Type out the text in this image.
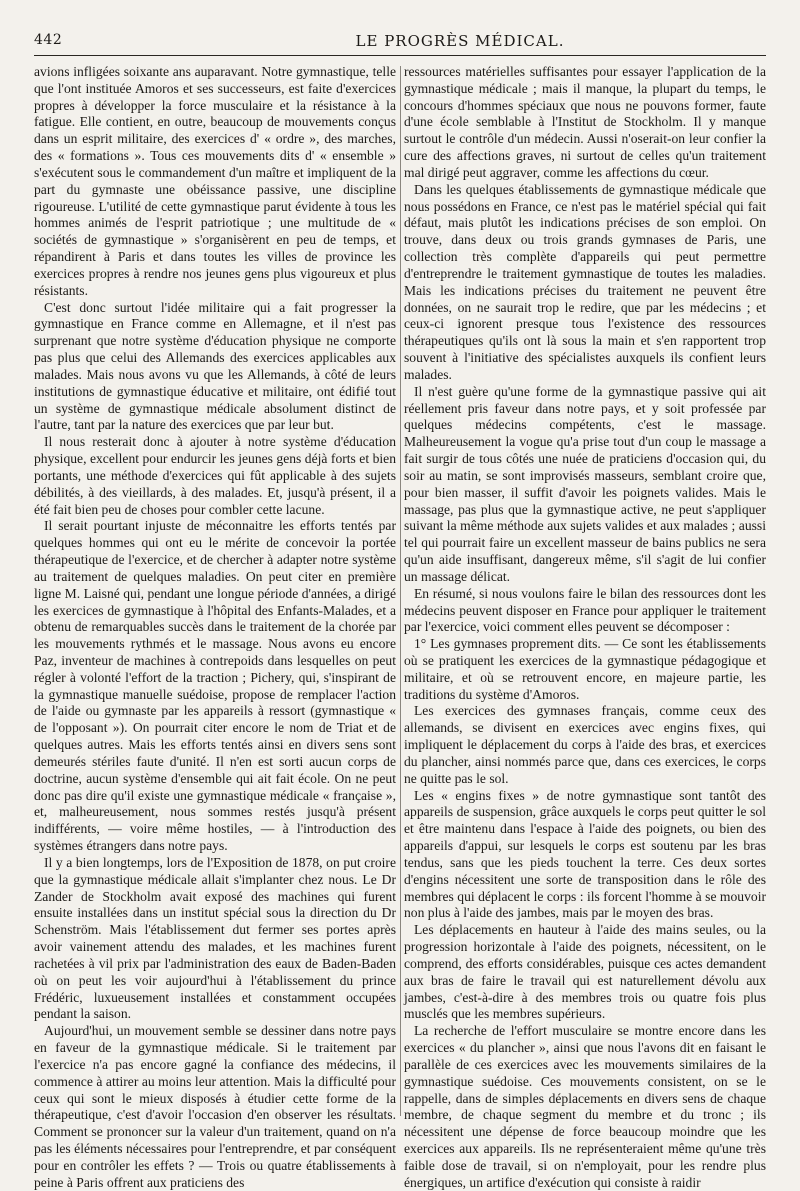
442	LE PROGRÈS MÉDICAL.

avions infligées soixante ans auparavant. Notre gymnastique, telle que l'ont instituée Amoros et ses successeurs, est faite d'exercices propres à développer la force musculaire et la résistance à la fatigue. Elle contient, en outre, beaucoup de mouvements conçus dans un esprit militaire, des exercices d' « ordre », des marches, des « formations ». Tous ces mouvements dits d' « ensemble » s'exécutent sous le commandement d'un maître et impliquent de la part du gymnaste une obéissance passive, une discipline rigoureuse. L'utilité de cette gymnastique parut évidente à tous les hommes animés de l'esprit patriotique ; une multitude de « sociétés de gymnastique » s'organisèrent en peu de temps, et répandirent à Paris et dans toutes les villes de province les exercices propres à rendre nos jeunes gens plus vigoureux et plus résistants.

C'est donc surtout l'idée militaire qui a fait progresser la gymnastique en France comme en Allemagne, et il n'est pas surprenant que notre système d'éducation physique ne comporte pas plus que celui des Allemands des exercices applicables aux malades. Mais nous avons vu que les Allemands, à côté de leurs institutions de gymnastique éducative et militaire, ont édifié tout un système de gymnastique médicale absolument distinct de l'autre, tant par la nature des exercices que par leur but.

Il nous resterait donc à ajouter à notre système d'éducation physique, excellent pour endurcir les jeunes gens déjà forts et bien portants, une méthode d'exercices qui fût applicable à des sujets débilités, à des vieillards, à des malades. Et, jusqu'à présent, il a été fait bien peu de choses pour combler cette lacune.

Il serait pourtant injuste de méconnaitre les efforts tentés par quelques hommes qui ont eu le mérite de concevoir la portée thérapeutique de l'exercice, et de chercher à adapter notre système au traitement de quelques maladies. On peut citer en première ligne M. Laisné qui, pendant une longue période d'années, a dirigé les exercices de gymnastique à l'hôpital des Enfants-Malades, et a obtenu de remarquables succès dans le traitement de la chorée par les mouvements rythmés et le massage. Nous avons eu encore Paz, inventeur de machines à contrepoids dans lesquelles on peut régler à volonté l'effort de la traction ; Pichery, qui, s'inspirant de la gymnastique manuelle suédoise, propose de remplacer l'action de l'aide ou gymnaste par les appareils à ressort (gymnastique « de l'opposant »). On pourrait citer encore le nom de Triat et de quelques autres. Mais les efforts tentés ainsi en divers sens sont demeurés stériles faute d'unité. Il n'en est sorti aucun corps de doctrine, aucun système d'ensemble qui ait fait école. On ne peut donc pas dire qu'il existe une gymnastique médicale « française », et, malheureusement, nous sommes restés jusqu'à présent indifférents, — voire même hostiles, — à l'introduction des systèmes étrangers dans notre pays.

Il y a bien longtemps, lors de l'Exposition de 1878, on put croire que la gymnastique médicale allait s'implanter chez nous. Le Dr Zander de Stockholm avait exposé des machines qui furent ensuite installées dans un institut spécial sous la direction du Dr Schenström. Mais l'établissement dut fermer ses portes après avoir vainement attendu des malades, et les machines furent rachetées à vil prix par l'administration des eaux de Baden-Baden où on peut les voir aujourd'hui à l'établissement du prince Frédéric, luxueusement installées et constamment occupées pendant la saison.

Aujourd'hui, un mouvement semble se dessiner dans notre pays en faveur de la gymnastique médicale. Si le traitement par l'exercice n'a pas encore gagné la confiance des médecins, il commence à attirer au moins leur attention. Mais la difficulté pour ceux qui sont le mieux disposés à étudier cette forme de la thérapeutique, c'est d'avoir l'occasion d'en observer les résultats. Comment se prononcer sur la valeur d'un traitement, quand on n'a pas les éléments nécessaires pour l'entreprendre, et par conséquent pour en contrôler les effets ? — Trois ou quatre établissements à peine à Paris offrent aux praticiens des

ressources matérielles suffisantes pour essayer l'application de la gymnastique médicale ; mais il manque, la plupart du temps, le concours d'hommes spéciaux que nous ne pouvons former, faute d'une école semblable à l'Institut de Stockholm. Il y manque surtout le contrôle d'un médecin. Aussi n'oserait-on leur confier la cure des affections graves, ni surtout de celles qu'un traitement mal dirigé peut aggraver, comme les affections du cœur.

Dans les quelques établissements de gymnastique médicale que nous possédons en France, ce n'est pas le matériel spécial qui fait défaut, mais plutôt les indications précises de son emploi. On trouve, dans deux ou trois grands gymnases de Paris, une collection très complète d'appareils qui peut permettre d'entreprendre le traitement gymnastique de toutes les maladies. Mais les indications précises du traitement ne peuvent être données, on ne saurait trop le redire, que par les médecins ; et ceux-ci ignorent presque tous l'existence des ressources thérapeutiques qu'ils ont là sous la main et s'en rapportent trop souvent à l'initiative des spécialistes auxquels ils confient leurs malades.

Il n'est guère qu'une forme de la gymnastique passive qui ait réellement pris faveur dans notre pays, et y soit professée par quelques médecins compétents, c'est le massage. Malheureusement la vogue qu'a prise tout d'un coup le massage a fait surgir de tous côtés une nuée de praticiens d'occasion qui, du soir au matin, se sont improvisés masseurs, semblant croire que, pour bien masser, il suffit d'avoir les poignets valides. Mais le massage, pas plus que la gymnastique active, ne peut s'appliquer suivant la même méthode aux sujets valides et aux malades ; aussi tel qui pourrait faire un excellent masseur de bains publics ne sera qu'un aide insuffisant, dangereux même, s'il s'agit de lui confier un massage délicat.

En résumé, si nous voulons faire le bilan des ressources dont les médecins peuvent disposer en France pour appliquer le traitement par l'exercice, voici comment elles peuvent se décomposer :

1° Les gymnases proprement dits. — Ce sont les établissements où se pratiquent les exercices de la gymnastique pédagogique et militaire, et où se retrouvent encore, en majeure partie, les traditions du système d'Amoros.

Les exercices des gymnases français, comme ceux des allemands, se divisent en exercices avec engins fixes, qui impliquent le déplacement du corps à l'aide des bras, et exercices du plancher, ainsi nommés parce que, dans ces exercices, le corps ne quitte pas le sol.

Les « engins fixes » de notre gymnastique sont tantôt des appareils de suspension, grâce auxquels le corps peut quitter le sol et être maintenu dans l'espace à l'aide des poignets, ou bien des appareils d'appui, sur lesquels le corps est soutenu par les bras tendus, sans que les pieds touchent la terre. Ces deux sortes d'engins nécessitent une sorte de transposition dans le rôle des membres qui déplacent le corps : ils forcent l'homme à se mouvoir non plus à l'aide des jambes, mais par le moyen des bras.

Les déplacements en hauteur à l'aide des mains seules, ou la progression horizontale à l'aide des poignets, nécessitent, on le comprend, des efforts considérables, puisque ces actes demandent aux bras de faire le travail qui est naturellement dévolu aux jambes, c'est-à-dire à des membres trois ou quatre fois plus musclés que les membres supérieurs.

La recherche de l'effort musculaire se montre encore dans les exercices « du plancher », ainsi que nous l'avons dit en faisant le parallèle de ces exercices avec les mouvements similaires de la gymnastique suédoise. Ces mouvements consistent, on se le rappelle, dans de simples déplacements en divers sens de chaque membre, de chaque segment du membre et du tronc ; ils nécessitent une dépense de force beaucoup moindre que les exercices aux appareils. Ils ne représenteraient même qu'une très faible dose de travail, si on n'employait, pour les rendre plus énergiques, un artifice d'exécution qui consiste à raidir
